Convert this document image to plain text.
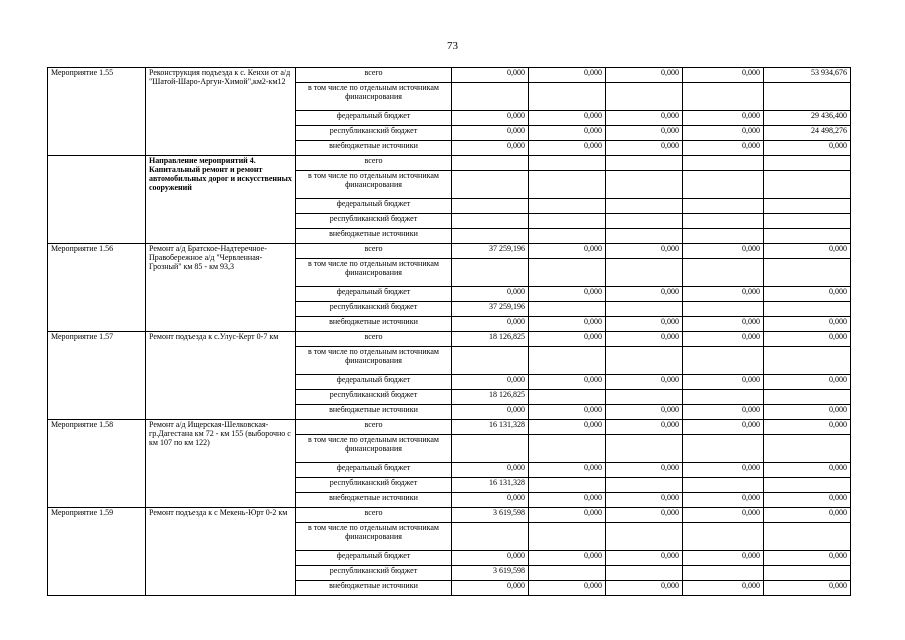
73
Мероприятие 1.55	Реконструкция подъезда к с. Кенхи от а/д "Шатой-Шаро-Аргун-Химой",км2-км12	всего	0,000	0,000	0,000	0,000	53 934,676
		в том числе по отдельным источникам финансирования					
		федеральный бюджет	0,000	0,000	0,000	0,000	29 436,400
		республиканский бюджет	0,000	0,000	0,000	0,000	24 498,276
		внебюджетные источники	0,000	0,000	0,000	0,000	0,000
	Направление мероприятий 4. Капитальный ремонт и ремонт автомобильных дорог и искусственных сооружений	всего					
		в том числе по отдельным источникам финансирования					
		федеральный бюджет					
		республиканский бюджет					
		внебюджетные источники					
Мероприятие 1.56	Ремонт а/д Братское-Надтеречное-Правобережное а/д "Червленная-Грозный" км 85 - км 93,3	всего	37 259,196	0,000	0,000	0,000	0,000
		в том числе по отдельным источникам финансирования					
		федеральный бюджет	0,000	0,000	0,000	0,000	0,000
		республиканский бюджет	37 259,196				
		внебюджетные источники	0,000	0,000	0,000	0,000	0,000
Мероприятие 1.57	Ремонт подъезда к с.Улус-Керт 0-7 км	всего	18 126,825	0,000	0,000	0,000	0,000
		в том числе по отдельным источникам финансирования					
		федеральный бюджет	0,000	0,000	0,000	0,000	0,000
		республиканский бюджет	18 126,825				
		внебюджетные источники	0,000	0,000	0,000	0,000	0,000
Мероприятие 1.58	Ремонт а/д Ищерская-Шелковская-гр.Дагестана км 72 - км 155 (выборочно с км 107 по км 122)	всего	16 131,328	0,000	0,000	0,000	0,000
		в том числе по отдельным источникам финансирования					
		федеральный бюджет	0,000	0,000	0,000	0,000	0,000
		республиканский бюджет	16 131,328				
		внебюджетные источники	0,000	0,000	0,000	0,000	0,000
Мероприятие 1.59	Ремонт подъезда к с Мекень-Юрт 0-2 км	всего	3 619,598	0,000	0,000	0,000	0,000
		в том числе по отдельным источникам финансирования					
		федеральный бюджет	0,000	0,000	0,000	0,000	0,000
		республиканский бюджет	3 619,598				
		внебюджетные источники	0,000	0,000	0,000	0,000	0,000
